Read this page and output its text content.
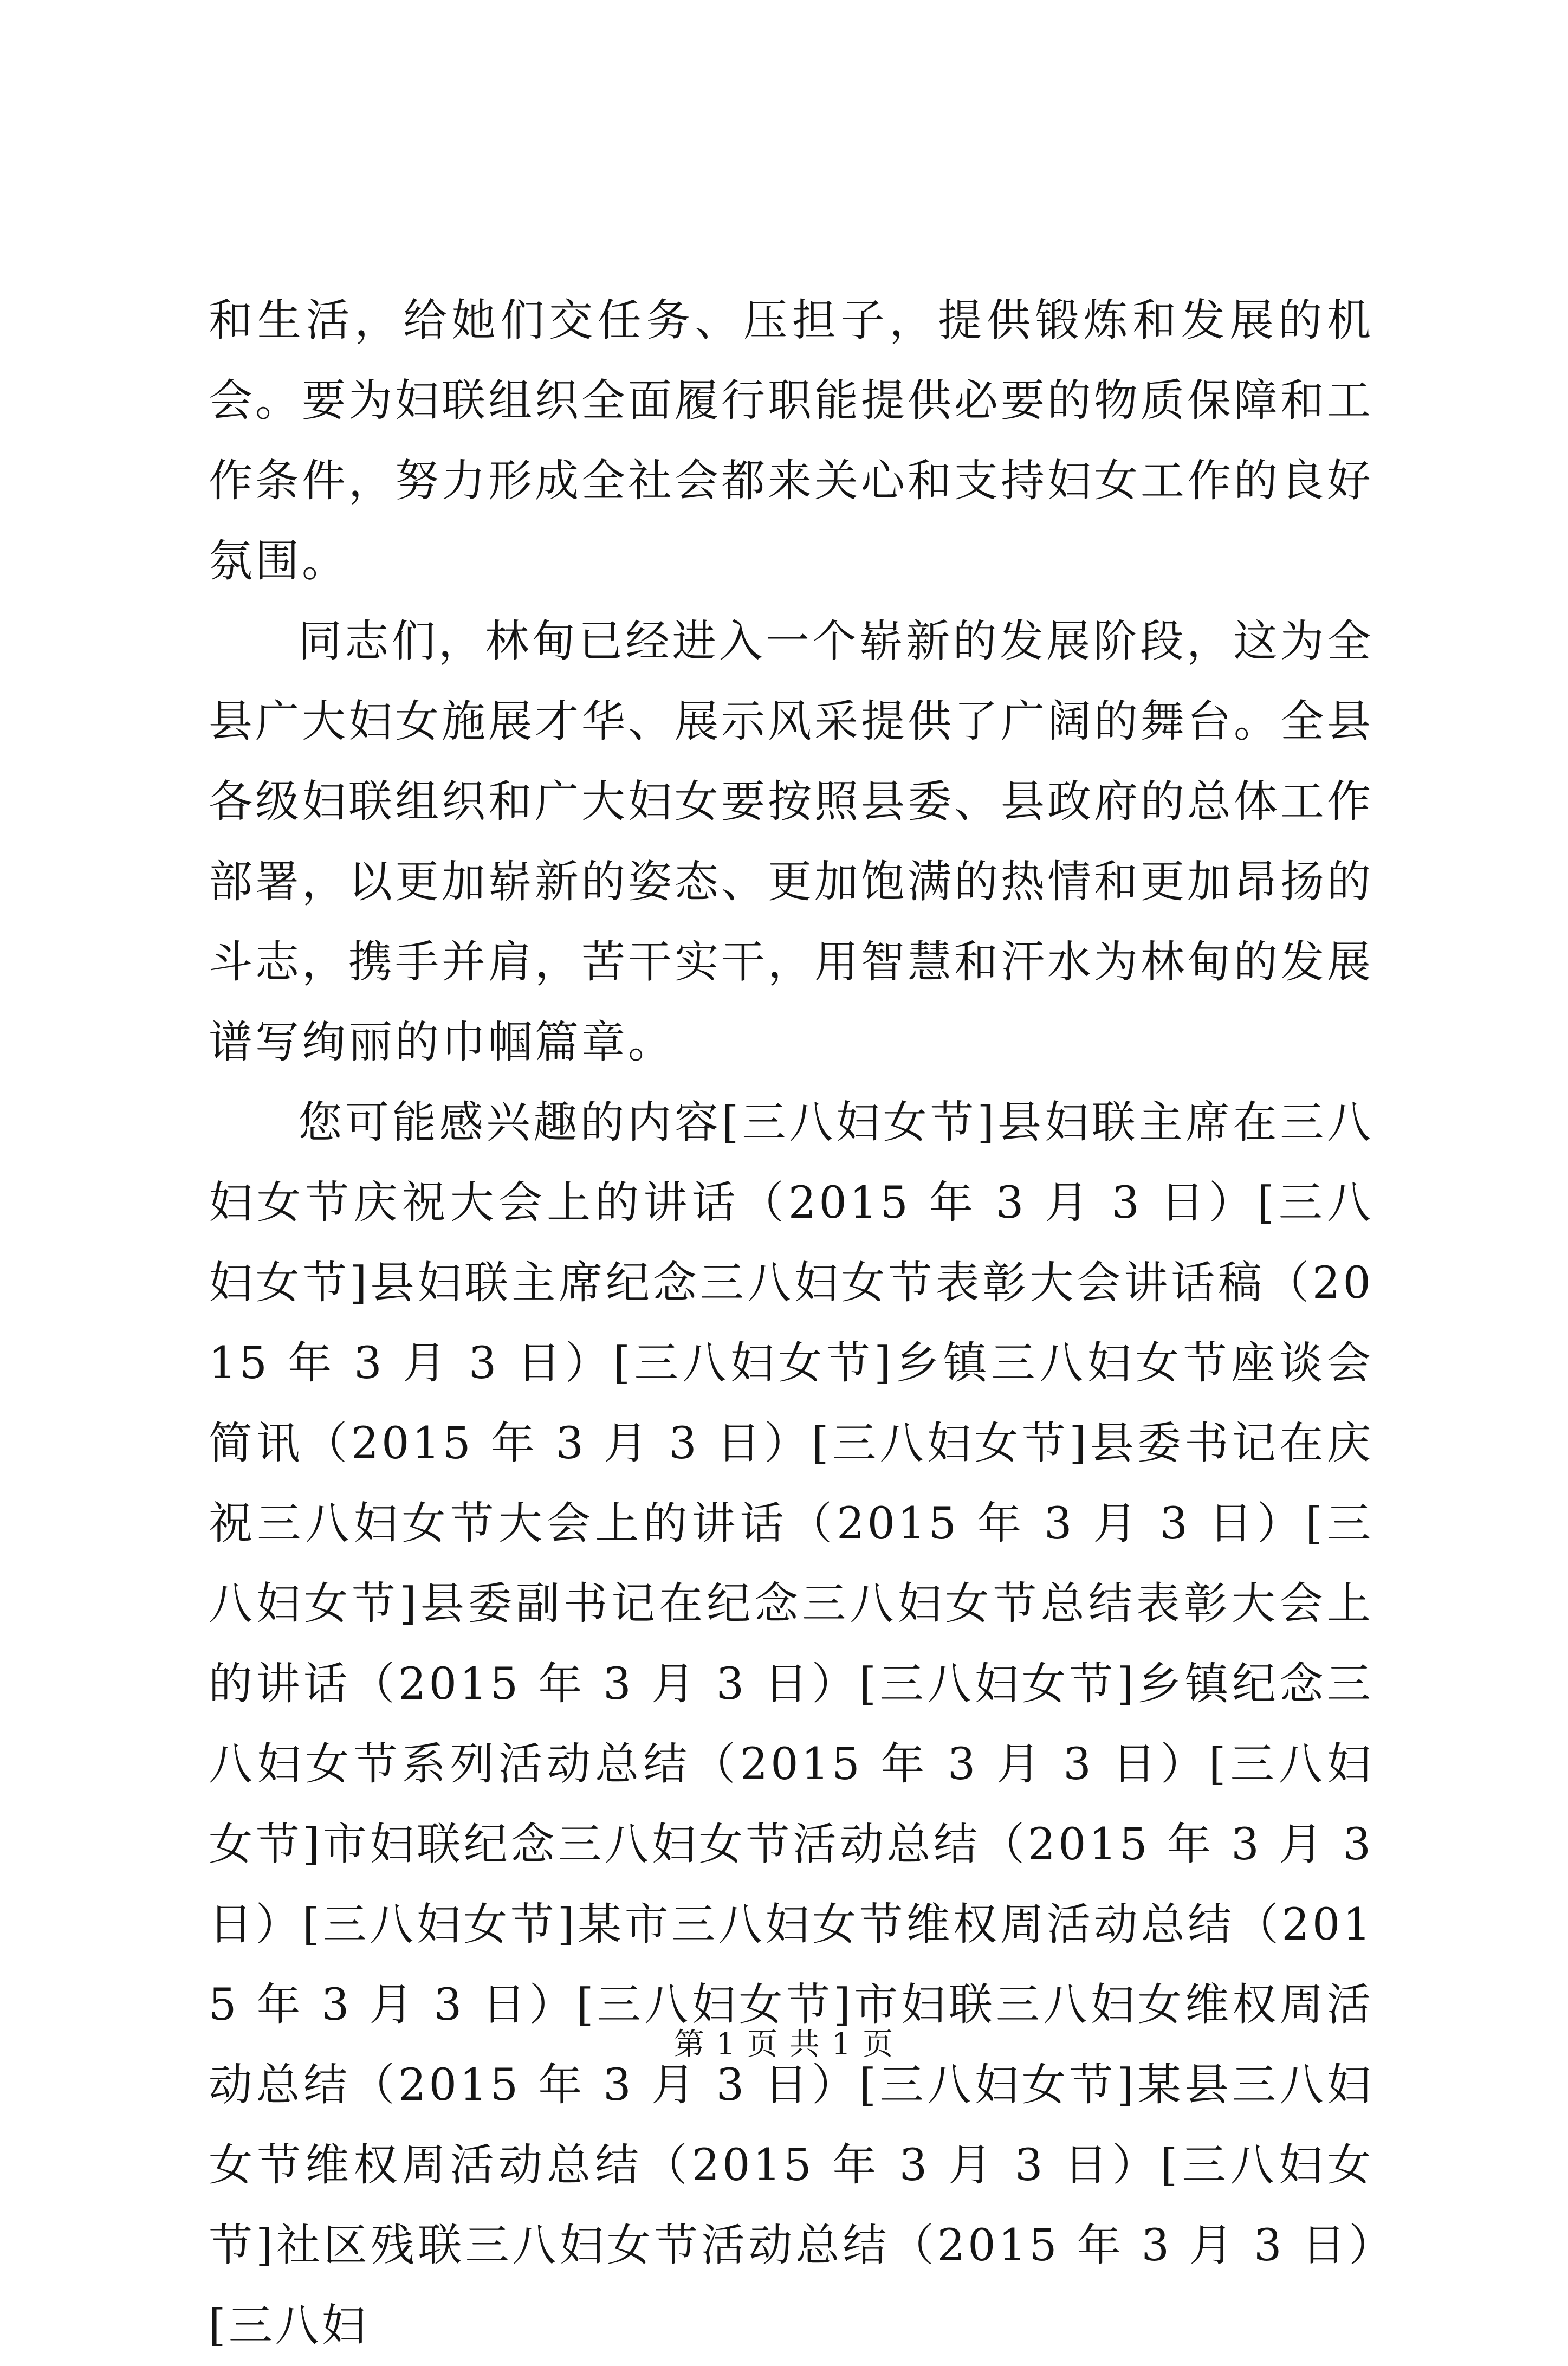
和生活，给她们交任务、压担子，提供锻炼和发展的机会。要为妇联组织全面履行职能提供必要的物质保障和工作条件，努力形成全社会都来关心和支持妇女工作的良好氛围。

同志们，林甸已经进入一个崭新的发展阶段，这为全县广大妇女施展才华、展示风采提供了广阔的舞台。全县各级妇联组织和广大妇女要按照县委、县政府的总体工作部署，以更加崭新的姿态、更加饱满的热情和更加昂扬的斗志，携手并肩，苦干实干，用智慧和汗水为林甸的发展谱写绚丽的巾帼篇章。

您可能感兴趣的内容[三八妇女节]县妇联主席在三八妇女节庆祝大会上的讲话（2015 年 3 月 3 日）[三八妇女节]县妇联主席纪念三八妇女节表彰大会讲话稿（2015 年 3 月 3 日）[三八妇女节]乡镇三八妇女节座谈会简讯（2015 年 3 月 3 日）[三八妇女节]县委书记在庆祝三八妇女节大会上的讲话（2015 年 3 月 3 日）[三八妇女节]县委副书记在纪念三八妇女节总结表彰大会上的讲话（2015 年 3 月 3 日）[三八妇女节]乡镇纪念三八妇女节系列活动总结（2015 年 3 月 3 日）[三八妇女节]市妇联纪念三八妇女节活动总结（2015 年 3 月 3 日）[三八妇女节]某市三八妇女节维权周活动总结（2015 年 3 月 3 日）[三八妇女节]市妇联三八妇女维权周活动总结（2015 年 3 月 3 日）[三八妇女节]某县三八妇女节维权周活动总结（2015 年 3 月 3 日）[三八妇女节]社区残联三八妇女节活动总结（2015 年 3 月 3 日）[三八妇

第 1 页 共 1 页
